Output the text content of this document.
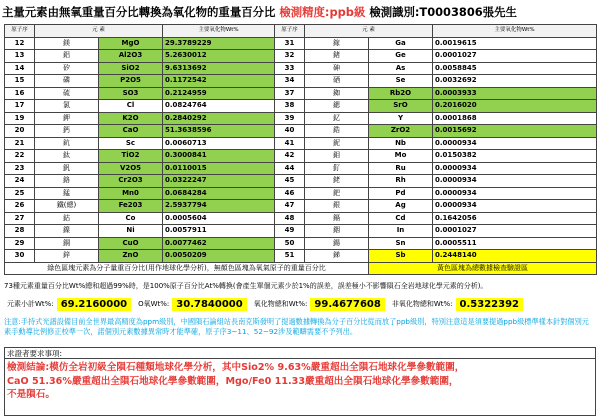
主量元素由無氧重量百分比轉換為氧化物的重量百分比 檢測精度:ppb級 檢測識別:T0003806張先生
原子序	元 素		主要氧化物Wt%	原子序	元 素		主要氧化物Wt%
12	鎂	MgO	29.3789229	31	鎵	Ga	0.0019615
13	鋁	Al2O3	5.2630012	32	鍺	Ge	0.0001027
14	矽	SiO2	9.6313692	33	砷	As	0.0058845
15	磷	P2O5	0.1172542	34	硒	Se	0.0032692
16	硫	SO3	0.2124959	37	銣	Rb2O	0.0003933
17	氯	Cl	0.0824764	38	鍶	SrO	0.2016020
19	鉀	K2O	0.2840292	39	釔	Y	0.0001868
20	鈣	CaO	51.3638596	40	鋯	ZrO2	0.0015692
21	鈧	Sc	0.0060713	41	鈮	Nb	0.0000934
22	鈦	TiO2	0.3000841	42	鉬	Mo	0.0150382
23	釩	V2O5	0.0110015	44	釕	Ru	0.0000934
24	鉻	Cr2O3	0.0322247	45	銠	Rh	0.0000934
25	錳	Mn0	0.0684284	46	鈀	Pd	0.0000934
26	鐵(總)	Fe203	2.5937794	47	銀	Ag	0.0000934
27	鈷	Co	0.0005604	48	鎘	Cd	0.1642056
28	鎳	Ni	0.0057911	49	銦	In	0.0001027
29	銅	CuO	0.0077462	50	錫	Sn	0.0005511
30	鋅	ZnO	0.0050209	51	銻	Sb	0.2448140
綠色區塊元素為分子量重百分比(用作地球化學分析)，無顏色區塊為氧氣原子的重量百分比						黃色區塊為總數據檢查驗證區	
73種元素重量百分比Wt%總和超過99%時，是100%原子百分比At%轉換(會產生單個元素少於1%的誤差，誤差極小不影響隕石全岩地球化學元素的分析)。
元素小計Wt%: 69.2160000	O氧Wt%: 30.7840000	氧化物總和Wt%: 99.4677608	非氧化物總和Wt%: 0.5322392
注意:手持式光譜設備目前全世界最高精度為ppm級別，中國隕石論組站長南克斯發明了提過數據轉換為分子百分比從而放了ppb級別，特別注意這是須要提過ppb級標準樣本針對個別元素手動導比例修正校準一次，諾個別元素數據異常時才能準確，原子序3~11、52~92涉及範疇需要不予列出。
求證者要求事項:
檢測結論:模仿全岩初級全隕石種類地球化學分析，其中Sio2% 9.63%嚴重超出全隕石地球化學參數範圍，
CaO 51.36%嚴重超出全隕石地球化學參數範圍，Mgo/Fe0 11.33嚴重超出全隕石地球化學參數範圍，
不是隕石。
